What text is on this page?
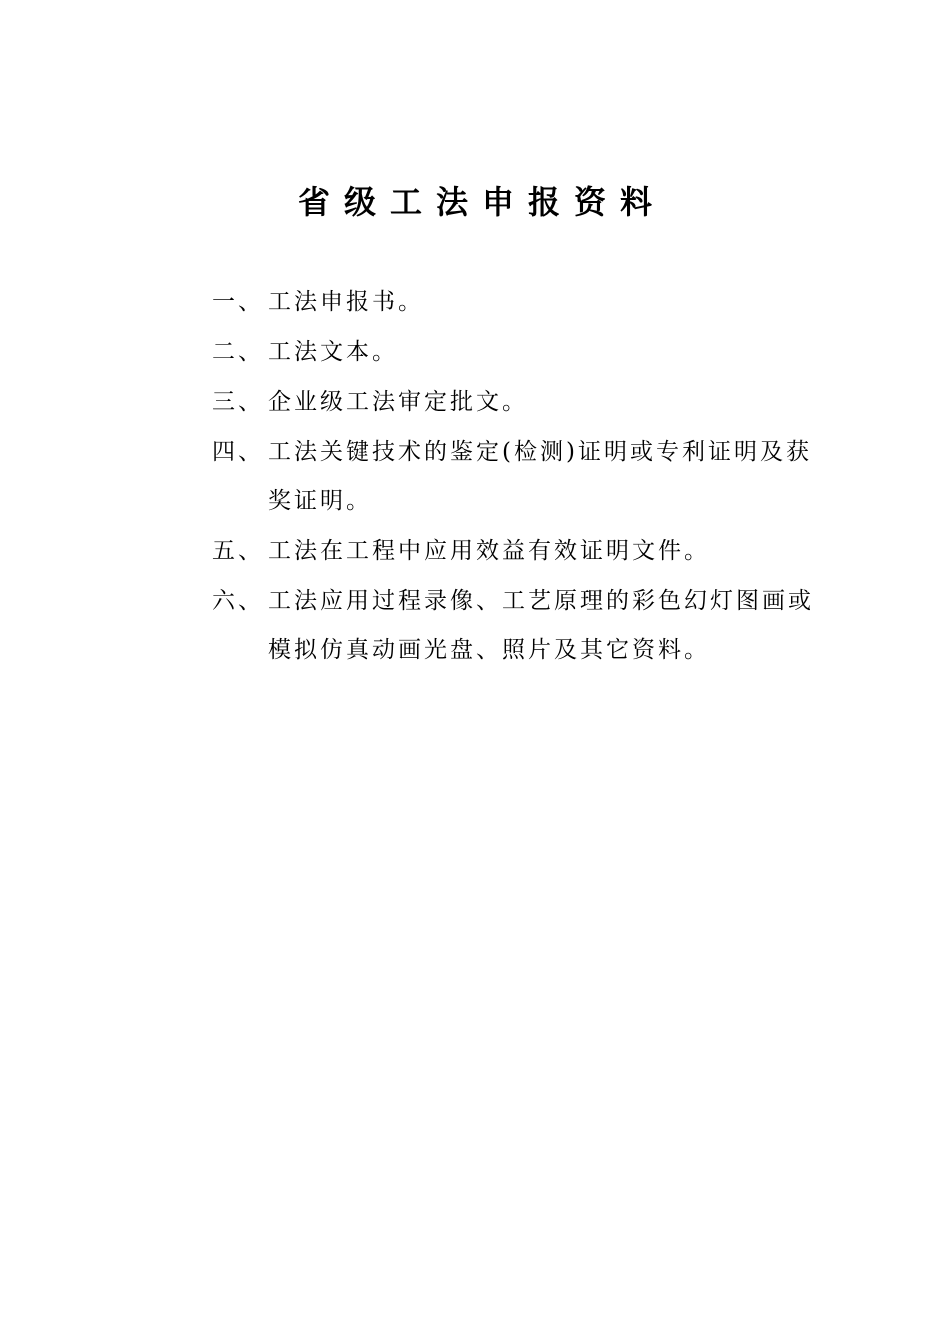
省级工法申报资料
一、 工法申报书。
二、 工法文本。
三、 企业级工法审定批文。
四、 工法关键技术的鉴定(检测)证明或专利证明及获奖证明。
五、 工法在工程中应用效益有效证明文件。
六、 工法应用过程录像、工艺原理的彩色幻灯图画或模拟仿真动画光盘、照片及其它资料。
